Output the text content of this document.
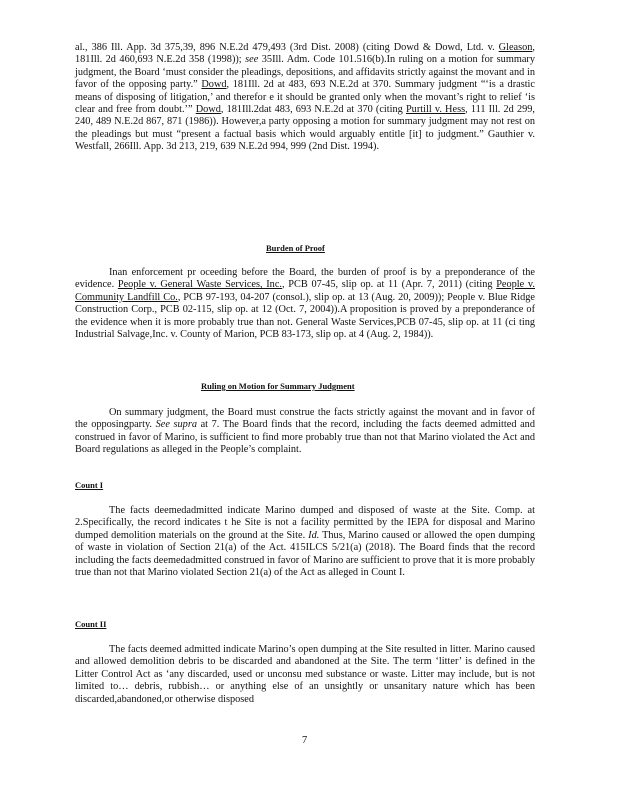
al., 386 Ill. App. 3d 375,39, 896 N.E.2d 479,493 (3rd Dist. 2008) (citing Dowd & Dowd, Ltd. v. Gleason, 181Ill. 2d 460,693 N.E.2d 358 (1998)); see 35Ill. Adm. Code 101.516(b).In ruling on a motion for summary judgment, the Board ‘must consider the pleadings, depositions, and affidavits strictly against the movant and in favor of the opposing party.” Dowd, 181Ill. 2d at 483, 693 N.E.2d at 370. Summary judgment “‘is a drastic means of disposing of litigation,’ and therefor e it should be granted only when the movant’s right to relief ‘is clear and free from doubt.’” Dowd, 181Ill.2dat 483, 693 N.E.2d at 370 (citing Purtill v. Hess, 111 Ill. 2d 299, 240, 489 N.E.2d 867, 871 (1986)). However,a party opposing a motion for summary judgment may not rest on the pleadings but must “present a factual basis which would arguably entitle [it] to judgment.” Gauthier v. Westfall, 266Ill. App. 3d 213, 219, 639 N.E.2d 994, 999 (2nd Dist. 1994).

Burden of Proof

Inan enforcement pr oceeding before the Board, the burden of proof is by a preponderance of the evidence. People v. General Waste Services, Inc., PCB 07-45, slip op. at 11 (Apr. 7, 2011) (citing People v. Community Landfill Co., PCB 97-193, 04-207 (consol.), slip op. at 13 (Aug. 20, 2009)); People v. Blue Ridge Construction Corp., PCB 02-115, slip op. at 12 (Oct. 7, 2004)).A proposition is proved by a preponderance of the evidence when it is more probably true than not. General Waste Services,PCB 07-45, slip op. at 11 (ci ting Industrial Salvage,Inc. v. County of Marion, PCB 83-173, slip op. at 4 (Aug. 2, 1984)).

Ruling on Motion for Summary Judgment

On summary judgment, the Board must construe the facts strictly against the movant and in favor of the opposingparty. See supra at 7. The Board finds that the record, including the facts deemed admitted and construed in favor of Marino, is sufficient to find more probably true than not that Marino violated the Act and Board regulations as alleged in the People’s complaint.

Count I

The facts deemedadmitted indicate Marino dumped and disposed of waste at the Site. Comp. at 2.Specifically, the record indicates t he Site is not a facility permitted by the IEPA for disposal and Marino dumped demolition materials on the ground at the Site. Id. Thus, Marino caused or allowed the open dumping of waste in violation of Section 21(a) of the Act. 415ILCS 5/21(a) (2018). The Board finds that the record including the facts deemedadmitted construed in favor of Marino are sufficient to prove that it is more probably true than not that Marino violated Section 21(a) of the Act as alleged in Count I.

Count II

The facts deemed admitted indicate Marino’s open dumping at the Site resulted in litter. Marino caused and allowed demolition debris to be discarded and abandoned at the Site. The term ‘litter’ is defined in the Litter Control Act as ‘any discarded, used or unconsu med substance or waste. Litter may include, but is not limited to… debris, rubbish… or anything else of an unsightly or unsanitary nature which has been discarded,abandoned,or otherwise disposed

7
